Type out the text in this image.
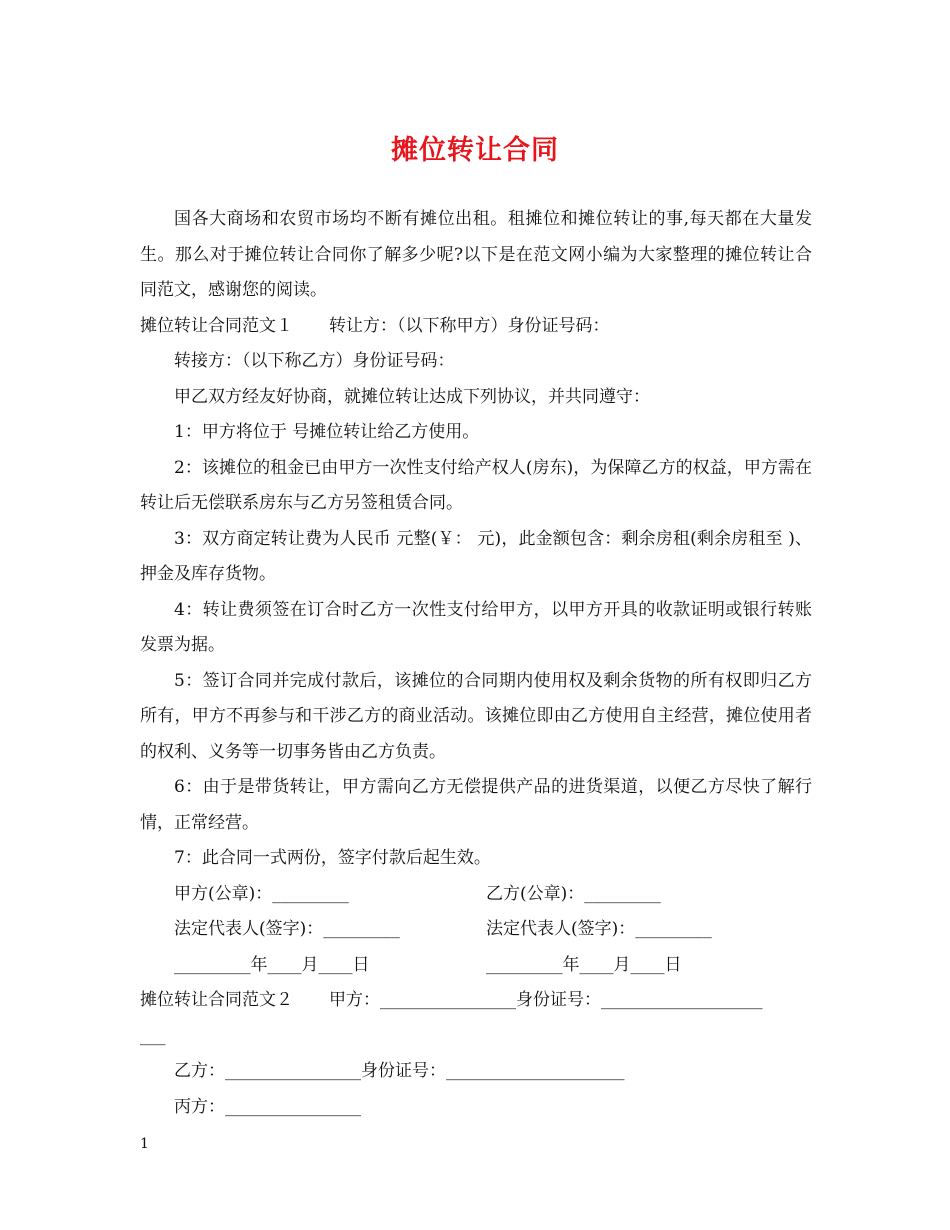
摊位转让合同

国各大商场和农贸市场均不断有摊位出租。租摊位和摊位转让的事,每天都在大量发生。那么对于摊位转让合同你了解多少呢?以下是在范文网小编为大家整理的摊位转让合同范文，感谢您的阅读。

摊位转让合同范文１ 转让方：（以下称甲方）身份证号码：

转接方：（以下称乙方）身份证号码：

甲乙双方经友好协商，就摊位转让达成下列协议，并共同遵守：

1：甲方将位于 号摊位转让给乙方使用。

2：该摊位的租金已由甲方一次性支付给产权人(房东)，为保障乙方的权益，甲方需在转让后无偿联系房东与乙方另签租赁合同。

3：双方商定转让费为人民币 元整(￥： 元)，此金额包含：剩余房租(剩余房租至 )、押金及库存货物。

4：转让费须签在订合时乙方一次性支付给甲方，以甲方开具的收款证明或银行转账发票为据。

5：签订合同并完成付款后，该摊位的合同期内使用权及剩余货物的所有权即归乙方所有，甲方不再参与和干涉乙方的商业活动。该摊位即由乙方使用自主经营，摊位使用者的权利、义务等一切事务皆由乙方负责。

6：由于是带货转让，甲方需向乙方无偿提供产品的进货渠道，以便乙方尽快了解行情，正常经营。

7：此合同一式两份，签字付款后起生效。

甲方(公章)：_________	乙方(公章)：_________
法定代表人(签字)：_________	法定代表人(签字)：_________
_________年____月____日	_________年____月____日

摊位转让合同范文２ 甲方：________________身份证号：___________________

___

乙方：________________身份证号：_____________________

丙方：________________

1
